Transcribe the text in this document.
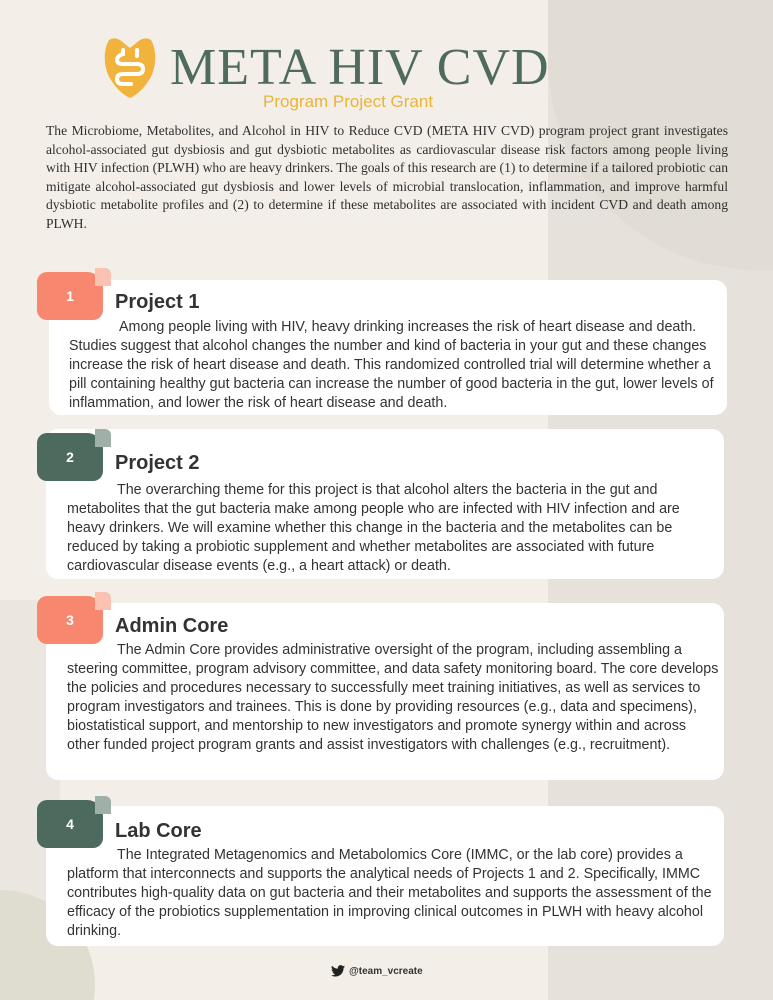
META HIV CVD
Program Project Grant

The Microbiome, Metabolites, and Alcohol in HIV to Reduce CVD (META HIV CVD) program project grant investigates alcohol-associated gut dysbiosis and gut dysbiotic metabolites as cardiovascular disease risk factors among people living with HIV infection (PLWH) who are heavy drinkers. The goals of this research are (1) to determine if a tailored probiotic can mitigate alcohol-associated gut dysbiosis and lower levels of microbial translocation, inflammation, and improve harmful dysbiotic metabolite profiles and (2) to determine if these metabolites are associated with incident CVD and death among PLWH.

1 Project 1

Among people living with HIV, heavy drinking increases the risk of heart disease and death. Studies suggest that alcohol changes the number and kind of bacteria in your gut and these changes increase the risk of heart disease and death. This randomized controlled trial will determine whether a pill containing healthy gut bacteria can increase the number of good bacteria in the gut, lower levels of inflammation, and lower the risk of heart disease and death.

2 Project 2

The overarching theme for this project is that alcohol alters the bacteria in the gut and metabolites that the gut bacteria make among people who are infected with HIV infection and are heavy drinkers. We will examine whether this change in the bacteria and the metabolites can be reduced by taking a probiotic supplement and whether metabolites are associated with future cardiovascular disease events (e.g., a heart attack) or death.

3 Admin Core

The Admin Core provides administrative oversight of the program, including assembling a steering committee, program advisory committee, and data safety monitoring board. The core develops the policies and procedures necessary to successfully meet training initiatives, as well as services to program investigators and trainees. This is done by providing resources (e.g., data and specimens), biostatistical support, and mentorship to new investigators and promote synergy within and across other funded project program grants and assist investigators with challenges (e.g., recruitment).

4 Lab Core

The Integrated Metagenomics and Metabolomics Core (IMMC, or the lab core) provides a platform that interconnects and supports the analytical needs of Projects 1 and 2. Specifically, IMMC contributes high-quality data on gut bacteria and their metabolites and supports the assessment of the efficacy of the probiotics supplementation in improving clinical outcomes in PLWH with heavy alcohol drinking.

@team_vcreate
